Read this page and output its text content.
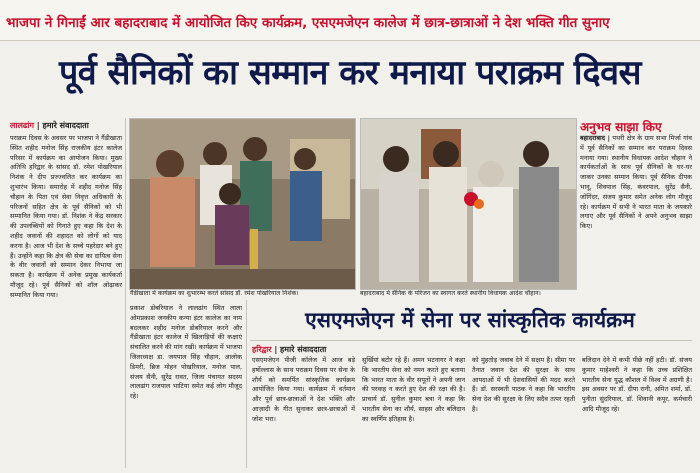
भाजपा ने गिनाईं आर बहादराबाद में आयोजित किए कार्यक्रम, एसएमजेएन कालेज में छात्र-छात्राओं ने देश भक्ति गीत सुनाए
पूर्व सैनिकों का सम्मान कर मनाया पराक्रम दिवस
लालढांग | हमारे संवाददाता
पराक्रम दिवस के अवसर पर भाजपा ने गैंडीखाता स्थित शहीद मनोज सिंह राजकीय इंटर कालेज परिसर में कार्यक्रम का आयोजन किया। मुख्य अतिथि हरिद्वार के सांसद डॉ. रमेश पोखरियाल निशंक ने दीप प्रज्ज्वलित कर कार्यक्रम का शुभारंभ किया। समारोह में शहीद मनोज सिंह चौहान के पिता एवं सेवा निवृत्त अधिकारी के परिजनों सहित क्षेत्र के पूर्व सैनिकों को भी सम्मानित किया गया। डॉ. निशंक ने केंद्र सरकार की उपलब्धियों को गिनाते हुए कहा कि देश के शहीद जवानों की शहादत को लोगों को याद करना है। आज भी देश के सच्चे पहरेदार बने हुए हैं। उन्होंने कहा कि क्षेत्र की सेवा का दायित्व सेना के वीर जवानों को सम्मान देकर निभाया जा सकता है। कार्यक्रम में अनेक प्रमुख कार्यकर्ता मौजूद रहे। पूर्व सैनिकों को शॉल ओढ़ाकर सम्मानित किया गया।	गैंडीखाता में कार्यक्रम का शुभारम्भ करते सांसद डॉ. रमेश पोखरियाल निशंक।	बहादराबाद में सैनिक के परिजन का स्वागत करते स्थानीय विधायक आदेश चौहान।
अनुभव साझा किए
बहादराबाद | पथरी क्षेत्र के ग्राम सभा मिर्जा गांव में पूर्व सैनिकों का सम्मान कर पराक्रम दिवस मनाया गया। स्थानीय विधायक आदेश चौहान ने कार्यकर्ताओं के साथ पूर्व सैनिकों के घर-घर जाकर उनका सम्मान किया। पूर्व सैनिक दीपक भानू, शिवपाल सिंह, कंवरपाल, सुरेंद्र सैनी, जोगिंदर, संजय कुमार समेत अनेक लोग मौजूद रहे। कार्यक्रम में सभी ने भारत माता के जयकारे लगाए और पूर्व सैनिकों ने अपने अनुभव साझा किए।
प्रकाश डोबरियाल ने लालढांग स्थित लाला ओमप्रकाश जनकीय कन्या इंटर कालेज का नाम बदलकर शहीद मनोज डोबरियाल करने और गैंडीखाता इंटर कालेज में खिलाड़ियों की कक्षाएं संचालित करने की मांग रखी। कार्यक्रम में भाजपा जिलाध्यक्ष डा. जयपाल सिंह चौहान, आलोक डिमरी, ब्रिज मोहन पोखरियाल, मनोज पाल, संजय सैनी, सुरेंद्र रावत, जिला पंचायत सदस्य लालढांग राजपाल भाटिया समेत कई लोग मौजूद रहे।
एसएमजेएन में सेना पर सांस्कृतिक कार्यक्रम
हरिद्वार | हमारे संवाददाता
एसएमजेएन पीजी कॉलेज में आज बड़े हर्षोल्लास के साथ पराक्रम दिवस पर सेना के शौर्य को समर्पित सांस्कृतिक कार्यक्रम आयोजित किया गया। कार्यक्रम में वर्तमान और पूर्व छात्र-छात्राओं ने देश भक्ति और आज़ादी के गीत सुनाकर छात्र-छात्राओं में जोश भरा।
सुर्खियां बटोर रहे हैं। अमन भटनागर ने कहा कि भारतीय सेना को नमन करते हुए बताया कि भारत माता के वीर सपूतों ने अपनी जान की परवाह न करते हुए देश की रक्षा की है। प्राचार्य डॉ. सुनील कुमार बत्रा ने कहा कि भारतीय सेना का शौर्य, साहस और बलिदान का स्वर्णिम इतिहास है।
को मुंहतोड़ जवाब देने में सक्षम हैं। सीमा पर तैनात जवान देश की सुरक्षा के साथ आपदाओं में भी देशवासियों की मदद करते हैं। डॉ. सरस्वती पाठक ने कहा कि भारतीय सेना देश की सुरक्षा के लिए सदैव तत्पर रहती है।
बलिदान देने में कभी पीछे नहीं हटी। डॉ. संजय कुमार माहेश्वरी ने कहा कि उच्च प्रशिक्षित भारतीय सेना युद्ध कौशल में विश्व में अग्रणी है। इस अवसर पर डॉ. दीपा रानी, अमित शर्मा, डॉ. पुनीता सुंदरियाल, डॉ. शिवानी कपूर, कर्मचारी आदि मौजूद रहे।
